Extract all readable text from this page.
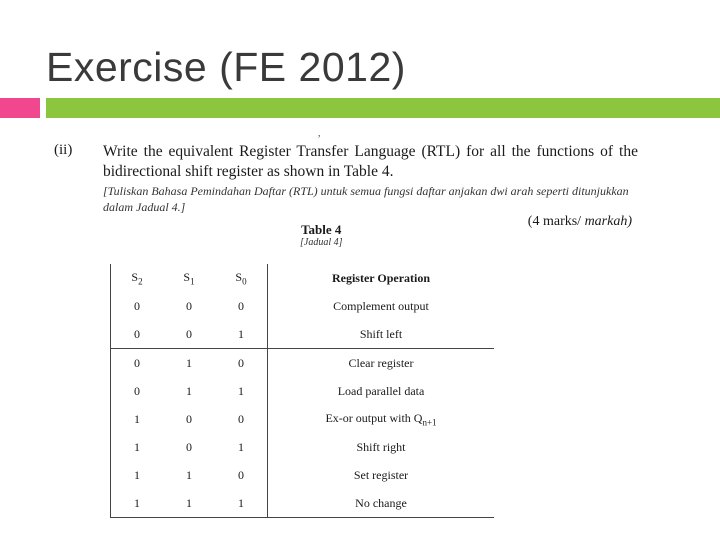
Exercise (FE 2012)
,
(ii) Write the equivalent Register Transfer Language (RTL) for all the functions of the bidirectional shift register as shown in Table 4.
[Tuliskan Bahasa Pemindahan Daftar (RTL) untuk semua fungsi daftar anjakan dwi arah seperti ditunjukkan dalam Jadual 4.]
(4 marks/ markah)
Table 4
[Jadual 4]
$S_2$	$S_1$	$S_0$	Register Operation
0	0	0	Complement output
0	0	1	Shift left
0	1	0	Clear register
0	1	1	Load parallel data
1	0	0	Ex-or output with $Q_{n+1}$
1	0	1	Shift right
1	1	0	Set register
1	1	1	No change
